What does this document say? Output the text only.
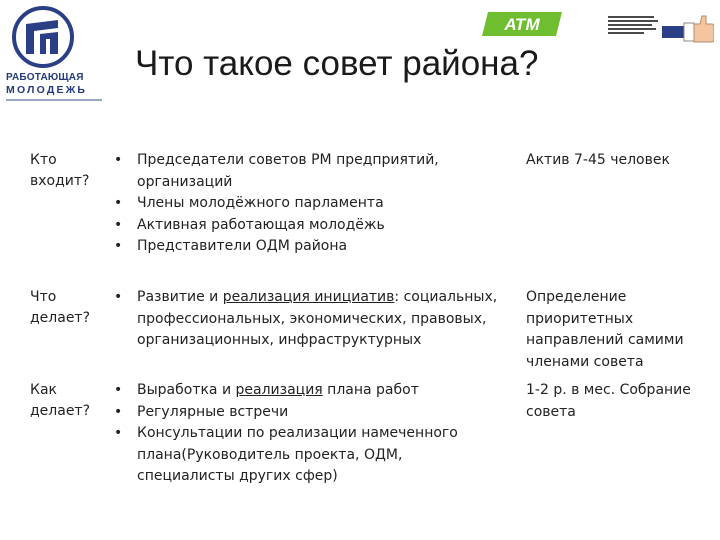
РАБОТАЮЩАЯ
МОЛОДЕЖЬ
АТМ
Что такое совет района?
Кто входит?
• Председатели советов РМ предприятий, организаций
• Члены молодёжного парламента
• Активная работающая молодёжь
• Представители ОДМ района
Актив 7-45 человек
Что делает?
• Развитие и реализация инициатив: социальных, профессиональных, экономических, правовых, организационных, инфраструктурных
Определение приоритетных направлений самими членами совета
Как делает?
• Выработка и реализация плана работ
• Регулярные встречи
• Консультации по реализации намеченного плана(Руководитель проекта, ОДМ, специалисты других сфер)
1-2 р. в мес. Собрание совета
